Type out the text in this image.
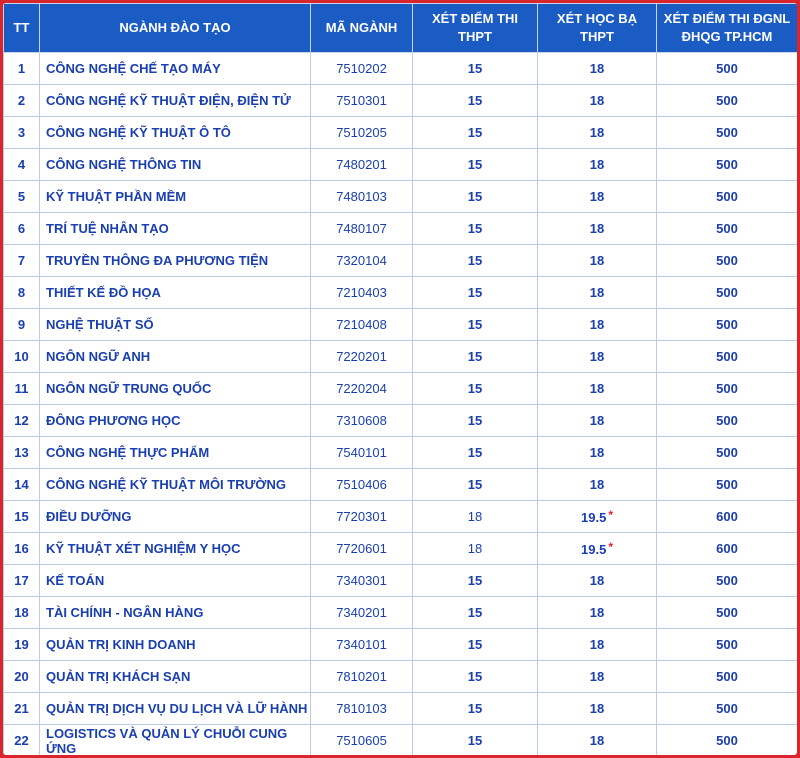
TT	NGÀNH ĐÀO TẠO	MÃ NGÀNH	XÉT ĐIỂM THI THPT	XÉT HỌC BẠ THPT	XÉT ĐIỂM THI ĐGNL ĐHQG TP.HCM
1	CÔNG NGHỆ CHẾ TẠO MÁY	7510202	15	18	500
2	CÔNG NGHỆ KỸ THUẬT ĐIỆN, ĐIỆN TỬ	7510301	15	18	500
3	CÔNG NGHỆ KỸ THUẬT Ô TÔ	7510205	15	18	500
4	CÔNG NGHỆ THÔNG TIN	7480201	15	18	500
5	KỸ THUẬT PHẦN MỀM	7480103	15	18	500
6	TRÍ TUỆ NHÂN TẠO	7480107	15	18	500
7	TRUYỀN THÔNG ĐA PHƯƠNG TIỆN	7320104	15	18	500
8	THIẾT KẾ ĐỒ HỌA	7210403	15	18	500
9	NGHỆ THUẬT SỐ	7210408	15	18	500
10	NGÔN NGỮ ANH	7220201	15	18	500
11	NGÔN NGỮ TRUNG QUỐC	7220204	15	18	500
12	ĐÔNG PHƯƠNG HỌC	7310608	15	18	500
13	CÔNG NGHỆ THỰC PHẨM	7540101	15	18	500
14	CÔNG NGHỆ KỸ THUẬT MÔI TRƯỜNG	7510406	15	18	500
15	ĐIỀU DƯỠNG	7720301	18	19.5 *	600
16	KỸ THUẬT XÉT NGHIỆM Y HỌC	7720601	18	19.5 *	600
17	KẾ TOÁN	7340301	15	18	500
18	TÀI CHÍNH - NGÂN HÀNG	7340201	15	18	500
19	QUẢN TRỊ KINH DOANH	7340101	15	18	500
20	QUẢN TRỊ KHÁCH SẠN	7810201	15	18	500
21	QUẢN TRỊ DỊCH VỤ DU LỊCH VÀ LỮ HÀNH	7810103	15	18	500
22	LOGISTICS VÀ QUẢN LÝ CHUỖI CUNG ỨNG	7510605	15	18	500
